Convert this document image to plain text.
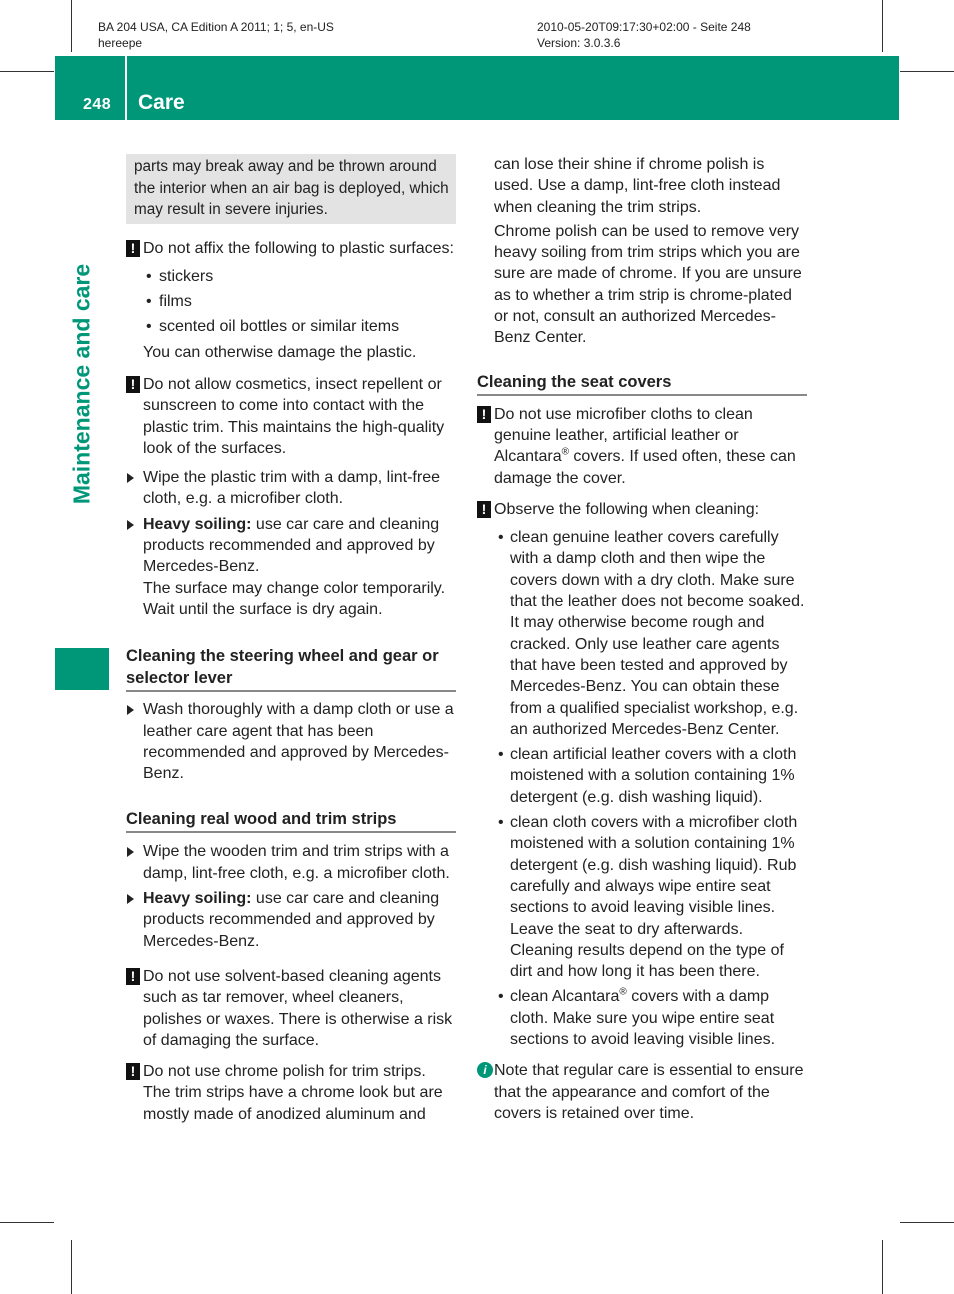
BA 204 USA, CA Edition A 2011; 1; 5, en-US
hereepe
2010-05-20T09:17:30+02:00 - Seite 248
Version: 3.0.3.6
248 Care
Maintenance and care
parts may break away and be thrown around the interior when an air bag is deployed, which may result in severe injuries.
! Do not affix the following to plastic surfaces:

• stickers
• films
• scented oil bottles or similar items

You can otherwise damage the plastic.

! Do not allow cosmetics, insect repellent or sunscreen to come into contact with the plastic trim. This maintains the high-quality look of the surfaces.

Wipe the plastic trim with a damp, lint-free cloth, e.g. a microfiber cloth.

Heavy soiling: use car care and cleaning products recommended and approved by Mercedes-Benz.

The surface may change color temporarily. Wait until the surface is dry again.

Cleaning the steering wheel and gear or selector lever

Wash thoroughly with a damp cloth or use a leather care agent that has been recommended and approved by Mercedes-Benz.

Cleaning real wood and trim strips

Wipe the wooden trim and trim strips with a damp, lint-free cloth, e.g. a microfiber cloth.

Heavy soiling: use car care and cleaning products recommended and approved by Mercedes-Benz.

! Do not use solvent-based cleaning agents such as tar remover, wheel cleaners, polishes or waxes. There is otherwise a risk of damaging the surface.

! Do not use chrome polish for trim strips. The trim strips have a chrome look but are mostly made of anodized aluminum and

can lose their shine if chrome polish is used. Use a damp, lint-free cloth instead when cleaning the trim strips.

Chrome polish can be used to remove very heavy soiling from trim strips which you are sure are made of chrome. If you are unsure as to whether a trim strip is chrome-plated or not, consult an authorized Mercedes-Benz Center.

Cleaning the seat covers
! Do not use microfiber cloths to clean genuine leather, artificial leather or Alcantara® covers. If used often, these can damage the cover.

! Observe the following when cleaning:

• clean genuine leather covers carefully with a damp cloth and then wipe the covers down with a dry cloth. Make sure that the leather does not become soaked. It may otherwise become rough and cracked. Only use leather care agents that have been tested and approved by Mercedes-Benz. You can obtain these from a qualified specialist workshop, e.g. an authorized Mercedes-Benz Center.
• clean artificial leather covers with a cloth moistened with a solution containing 1% detergent (e.g. dish washing liquid).
• clean cloth covers with a microfiber cloth moistened with a solution containing 1% detergent (e.g. dish washing liquid). Rub carefully and always wipe entire seat sections to avoid leaving visible lines. Leave the seat to dry afterwards. Cleaning results depend on the type of dirt and how long it has been there.
• clean Alcantara® covers with a damp cloth. Make sure you wipe entire seat sections to avoid leaving visible lines.
i Note that regular care is essential to ensure that the appearance and comfort of the covers is retained over time.
